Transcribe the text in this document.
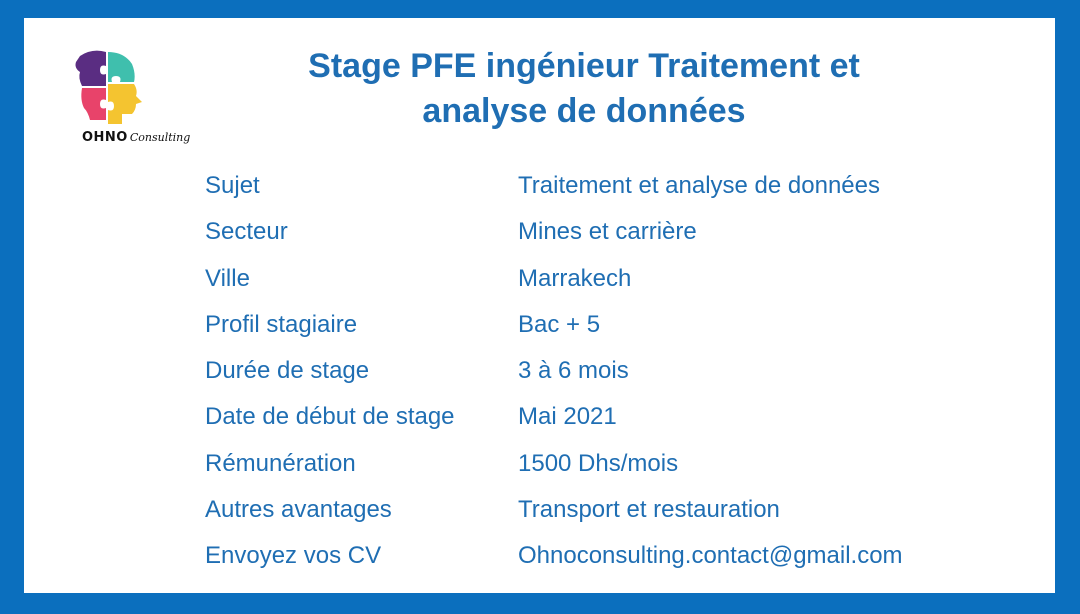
OHNO Consulting
Stage PFE ingénieur Traitement et
analyse de données
Sujet	Traitement et analyse de données
Secteur	Mines et carrière
Ville	Marrakech
Profil stagiaire	Bac + 5
Durée de stage	3 à 6 mois
Date de début de stage	Mai 2021
Rémunération	1500 Dhs/mois
Autres avantages	Transport et restauration
Envoyez vos CV	Ohnoconsulting.contact@gmail.com
